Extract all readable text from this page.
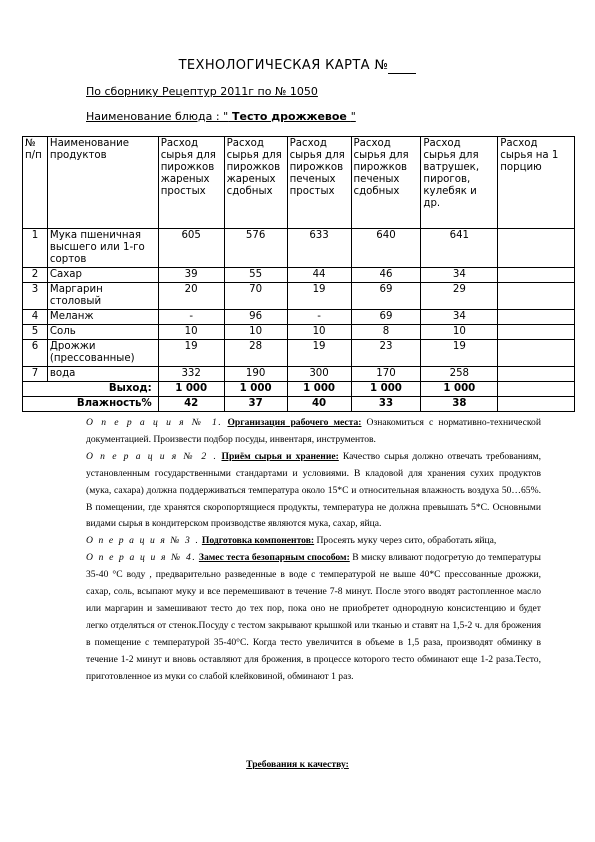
ТЕХНОЛОГИЧЕСКАЯ КАРТА №
По сборнику Рецептур 2011г по № 1050
Наименование блюда : " Тесто дрожжевое "
№ п/п	Наименование продуктов	Расход сырья для пирожков жареных простых	Расход сырья для пирожков жареных сдобных	Расход сырья для пирожков печеных простых	Расход сырья для пирожков печеных сдобных	Расход сырья для ватрушек, пирогов, кулебяк и др.	Расход сырья на 1 порцию
1	Мука пшеничная высшего или 1-го сортов	605	576	633	640	641	
2	Сахар	39	55	44	46	34	
3	Маргарин столовый	20	70	19	69	29	
4	Меланж	-	96	-	69	34	
5	Соль	10	10	10	8	10	
6	Дрожжи (прессованные)	19	28	19	23	19	
7	вода	332	190	300	170	258	
Выход:		1 000	1 000	1 000	1 000	1 000	
Влажность%		42	37	40	33	38	

О п е р а ц и я № 1. Организация рабочего места: Ознакомиться с нормативно-технической документацией. Произвести подбор посуды, инвентаря, инструментов.

О п е р а ц и я № 2 . Приём сырья и хранение: Качество сырья должно отвечать требованиям, установленным государственными стандартами и условиями. В кладовой для хранения сухих продуктов (мука, сахара) должна поддерживаться температура около 15*С и относительная влажность воздуха 50…65%. В помещении, где хранятся скоропортящиеся продукты, температура не должна превышать 5*С. Основными видами сырья в кондитерском производстве являются мука, сахар, яйца.

О п е р а ц и я № 3 . Подготовка компонентов: Просеять муку через сито, обработать яйца,

О п е р а ц и я № 4. Замес теста безопарным способом: В миску вливают подогретую до температуры 35-40 °С воду , предварительно разведенные в воде с температурой не выше 40*С прессованные дрожжи, сахар, соль, всыпают муку и все перемешивают в течение 7-8 минут. После этого вводят растопленное масло или маргарин и замешивают тесто до тех пор, пока оно не приобретет однородную консистенцию и будет легко отделяться от стенок.Посуду с тестом закрывают крышкой или тканью и ставят на 1,5-2 ч. для брожения в помещение с температурой 35-40°С. Когда тесто увеличится в объеме в 1,5 раза, производят обминку в течение 1-2 минут и вновь оставляют для брожения, в процессе которого тесто обминают еще 1-2 раза.Тесто, приготовленное из муки со слабой клейковиной, обминают 1 раз.

Требования к качеству:
